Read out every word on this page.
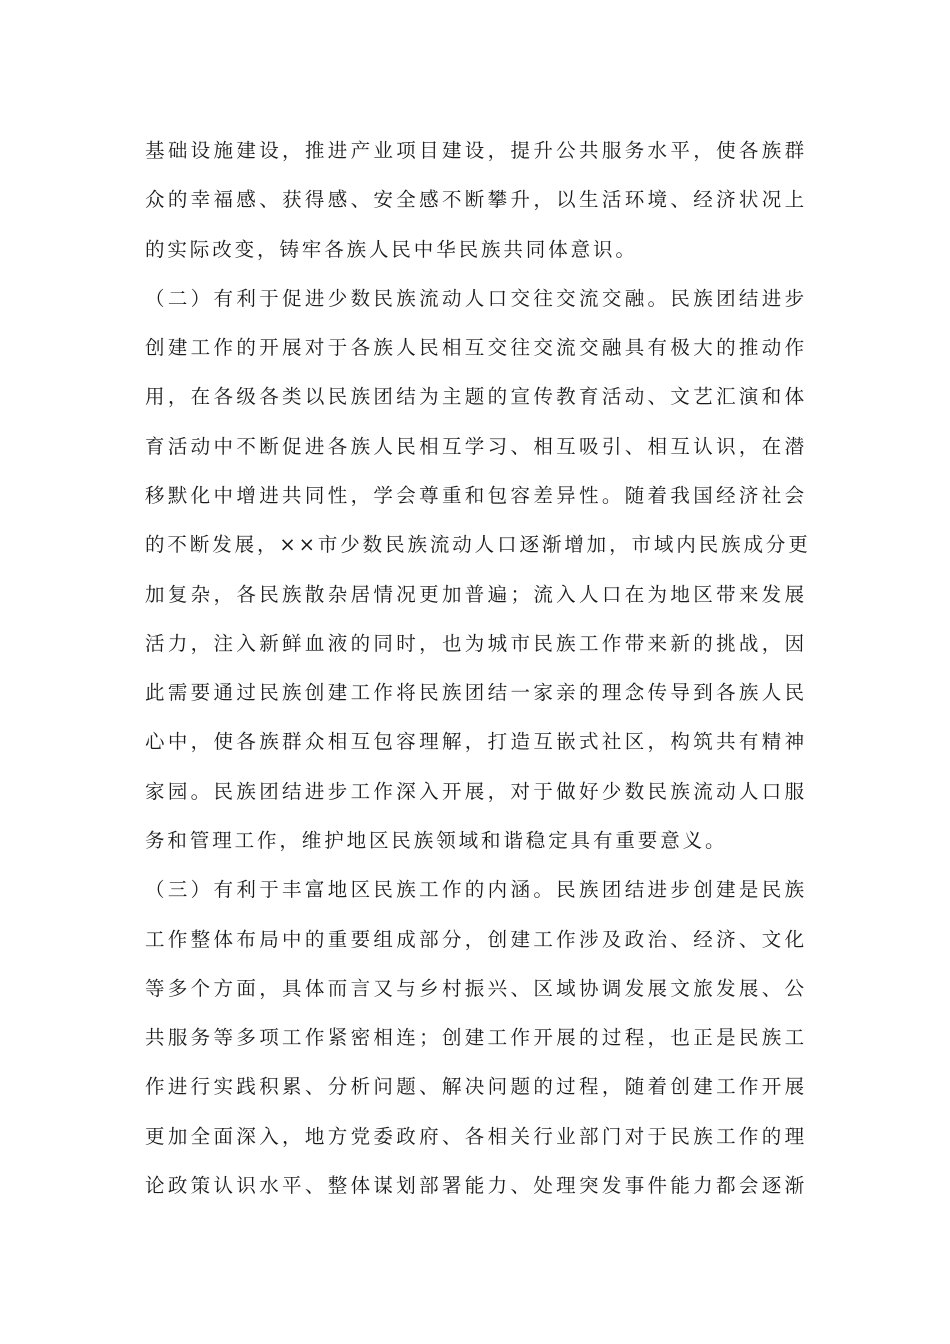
基础设施建设，推进产业项目建设，提升公共服务水平，使各族群
众的幸福感、获得感、安全感不断攀升，以生活环境、经济状况上
的实际改变，铸牢各族人民中华民族共同体意识。
（二）有利于促进少数民族流动人口交往交流交融。民族团结进步
创建工作的开展对于各族人民相互交往交流交融具有极大的推动作
用，在各级各类以民族团结为主题的宣传教育活动、文艺汇演和体
育活动中不断促进各族人民相互学习、相互吸引、相互认识，在潜
移默化中增进共同性，学会尊重和包容差异性。随着我国经济社会
的不断发展，××市少数民族流动人口逐渐增加，市域内民族成分更
加复杂，各民族散杂居情况更加普遍；流入人口在为地区带来发展
活力，注入新鲜血液的同时，也为城市民族工作带来新的挑战，因
此需要通过民族创建工作将民族团结一家亲的理念传导到各族人民
心中，使各族群众相互包容理解，打造互嵌式社区，构筑共有精神
家园。民族团结进步工作深入开展，对于做好少数民族流动人口服
务和管理工作，维护地区民族领域和谐稳定具有重要意义。
（三）有利于丰富地区民族工作的内涵。民族团结进步创建是民族
工作整体布局中的重要组成部分，创建工作涉及政治、经济、文化
等多个方面，具体而言又与乡村振兴、区域协调发展文旅发展、公
共服务等多项工作紧密相连；创建工作开展的过程，也正是民族工
作进行实践积累、分析问题、解决问题的过程，随着创建工作开展
更加全面深入，地方党委政府、各相关行业部门对于民族工作的理
论政策认识水平、整体谋划部署能力、处理突发事件能力都会逐渐
